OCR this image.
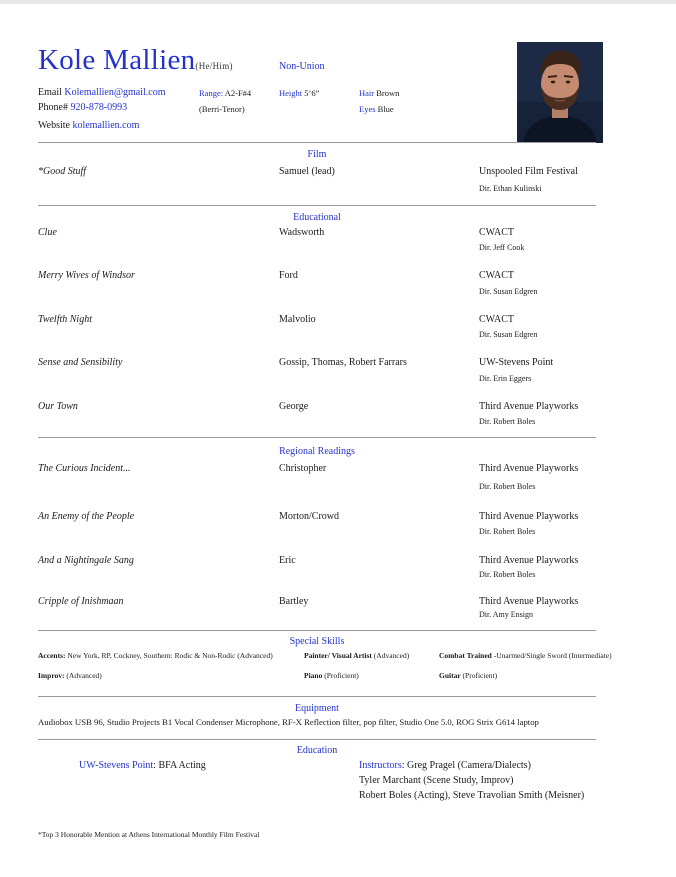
Kole Mallien(He/Him)	Non-Union
Email Kolemallien@gmail.com
Phone# 920-878-0993
Website kolemallien.com
Range: A2-F#4
(Berri-Tenor)
Height 5’6”	Hair Brown
Eyes Blue
Film
*Good Stuff	Samuel (lead)	Unspooled Film Festival
Dir. Ethan Kulinski
Educational
Clue	Wadsworth	CWACT
Dir. Jeff Cook
Merry Wives of Windsor	Ford	CWACT
Dir. Susan Edgren
Twelfth Night	Malvolio	CWACT
Dir. Susan Edgren
Sense and Sensibility	Gossip, Thomas, Robert Farrars	UW-Stevens Point
Dir. Erin Eggers
Our Town	George	Third Avenue Playworks
Dir. Robert Boles
Regional Readings
The Curious Incident...	Christopher	Third Avenue Playworks
Dir. Robert Boles
An Enemy of the People	Morton/Crowd	Third Avenue Playworks
Dir. Robert Boles
And a Nightingale Sang	Eric	Third Avenue Playworks
Dir. Robert Boles
Cripple of Inishmaan	Bartley	Third Avenue Playworks
Dir. Amy Ensign
Special Skills
Accents: New York, RP, Cockney, Southern: Rodic & Non-Rodic (Advanced)	Painter/ Visual Artist (Advanced)	Combat Trained -Unarmed/Single Sword (Intermediate)
Improv: (Advanced)	Piano (Proficient)	Guitar (Proficient)
Equipment
Audiobox USB 96, Studio Projects B1 Vocal Condenser Microphone, RF-X Reflection filter, pop filter, Studio One 5.0, ROG Strix G614 laptop
Education
UW-Stevens Point: BFA Acting	Instructors: Greg Pragel (Camera/Dialects)
Tyler Marchant (Scene Study, Improv)
Robert Boles (Acting), Steve Travolian Smith (Meisner)
*Top 3 Honorable Mention at Athens International Monthly Film Festival
